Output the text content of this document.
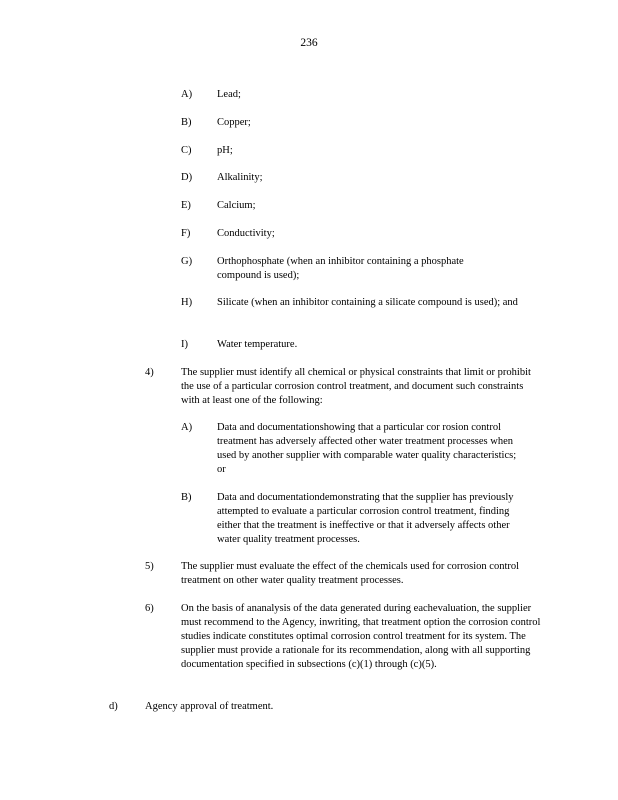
236
A) Lead;
B) Copper;
C) pH;
D) Alkalinity;
E) Calcium;
F)	Conductivity;
G) Orthophosphate (when an inhibitor containing a phosphate compound is used);
H) Silicate (when an inhibitor containing a silicate compound is used); and
I)	Water temperature.
4)	The supplier must identify all chemical or physical constraints that limit or prohibit the use of a particular corrosion control treatment, and document such constraints with at least one of the following:
A) Data and documentationshowing that a particular cor rosion control treatment has adversely affected other water treatment processes when used by another supplier with comparable water quality characteristics; or
B) Data and documentationdemonstrating that the supplier has previously attempted to evaluate a particular corrosion control treatment, finding either that the treatment is ineffective or that it adversely affects other water quality treatment processes.
5)	The supplier must evaluate the effect of the chemicals used for corrosion control treatment on other water quality treatment processes.
6)	On the basis of ananalysis of the data generated during eachevaluation, the supplier must recommend to the Agency, inwriting, that treatment option the corrosion control studies indicate constitutes optimal corrosion control treatment for its system. The supplier must provide a rationale for its recommendation, along with all supporting documentation specified in subsections (c)(1) through (c)(5).
d)	Agency approval of treatment.
